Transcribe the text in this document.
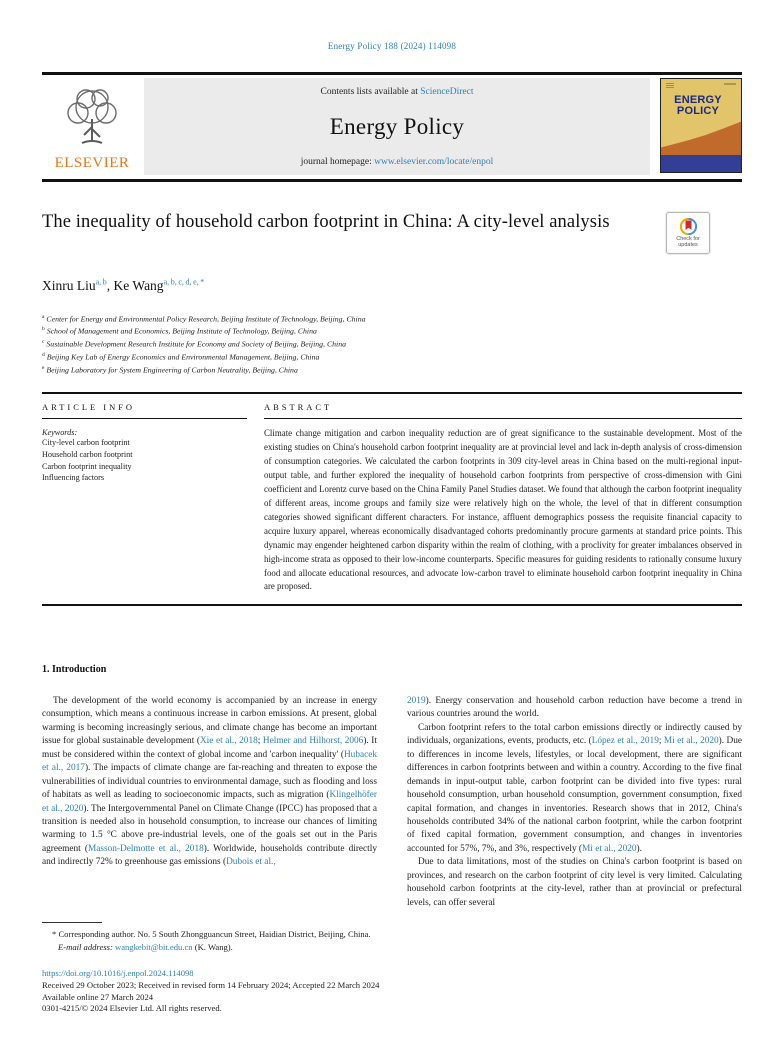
Energy Policy 188 (2024) 114098
ELSEVIER
Contents lists available at ScienceDirect
Energy Policy
journal homepage: www.elsevier.com/locate/enpol
ENERGY
POLICY
The inequality of household carbon footprint in China: A city-level analysis
Check for updates
Xinru Liu$^{a, b}$, Ke Wang$^{a, b, c, d, e, *}$
$^a$ Center for Energy and Environmental Policy Research, Beijing Institute of Technology, Beijing, China
$^b$ School of Management and Economics, Beijing Institute of Technology, Beijing, China
$^c$ Sustainable Development Research Institute for Economy and Society of Beijing, Beijing, China
$^d$ Beijing Key Lab of Energy Economics and Environmental Management, Beijing, China
$^e$ Beijing Laboratory for System Engineering of Carbon Neutrality, Beijing, China
ARTICLE INFO
Keywords:
City-level carbon footprint
Household carbon footprint
Carbon footprint inequality
Influencing factors
ABSTRACT
Climate change mitigation and carbon inequality reduction are of great significance to the sustainable development. Most of the existing studies on China's household carbon footprint inequality are at provincial level and lack in-depth analysis of cross-dimension of consumption categories. We calculated the carbon footprints in 309 city-level areas in China based on the multi-regional input-output table, and further explored the inequality of household carbon footprints from perspective of cross-dimension with Gini coefficient and Lorentz curve based on the China Family Panel Studies dataset. We found that although the carbon footprint inequality of different areas, income groups and family size were relatively high on the whole, the level of that in different consumption categories showed significant different characters. For instance, affluent demographics possess the requisite financial capacity to acquire luxury apparel, whereas economically disadvantaged cohorts predominantly procure garments at standard price points. This dynamic may engender heightened carbon disparity within the realm of clothing, with a proclivity for greater imbalances observed in high-income strata as opposed to their low-income counterparts. Specific measures for guiding residents to rationally consume luxury food and allocate educational resources, and advocate low-carbon travel to eliminate household carbon footprint inequality in China are proposed.
1. Introduction
The development of the world economy is accompanied by an increase in energy consumption, which means a continuous increase in carbon emissions. At present, global warming is becoming increasingly serious, and climate change has become an important issue for global sustainable development (Xie et al., 2018; Helmer and Hilhorst, 2006). It must be considered within the context of global income and 'carbon inequality' (Hubacek et al., 2017). The impacts of climate change are far-reaching and threaten to expose the vulnerabilities of individual countries to environmental damage, such as flooding and loss of habitats as well as leading to socioeconomic impacts, such as migration (Klingelhöfer et al., 2020). The Intergovernmental Panel on Climate Change (IPCC) has proposed that a transition is needed also in household consumption, to increase our chances of limiting warming to 1.5 °C above pre-industrial levels, one of the goals set out in the Paris agreement (Masson-Delmotte et al., 2018). Worldwide, households contribute directly and indirectly 72% to greenhouse gas emissions (Dubois et al.,
2019). Energy conservation and household carbon reduction have become a trend in various countries around the world.
Carbon footprint refers to the total carbon emissions directly or indirectly caused by individuals, organizations, events, products, etc. (López et al., 2019; Mi et al., 2020). Due to differences in income levels, lifestyles, or local development, there are significant differences in carbon footprints between and within a country. According to the five final demands in input-output table, carbon footprint can be divided into five types: rural household consumption, urban household consumption, government consumption, fixed capital formation, and changes in inventories. Research shows that in 2012, China's households contributed 34% of the national carbon footprint, while the carbon footprint of fixed capital formation, government consumption, and changes in inventories accounted for 57%, 7%, and 3%, respectively (Mi et al., 2020).
Due to data limitations, most of the studies on China's carbon footprint is based on provinces, and research on the carbon footprint of city level is very limited. Calculating household carbon footprints at the city-level, rather than at provincial or prefectural levels, can offer several
* Corresponding author. No. 5 South Zhongguancun Street, Haidian District, Beijing, China.
E-mail address: wangkebit@bit.edu.cn (K. Wang).
https://doi.org/10.1016/j.enpol.2024.114098
Received 29 October 2023; Received in revised form 14 February 2024; Accepted 22 March 2024
Available online 27 March 2024
0301-4215/© 2024 Elsevier Ltd. All rights reserved.
